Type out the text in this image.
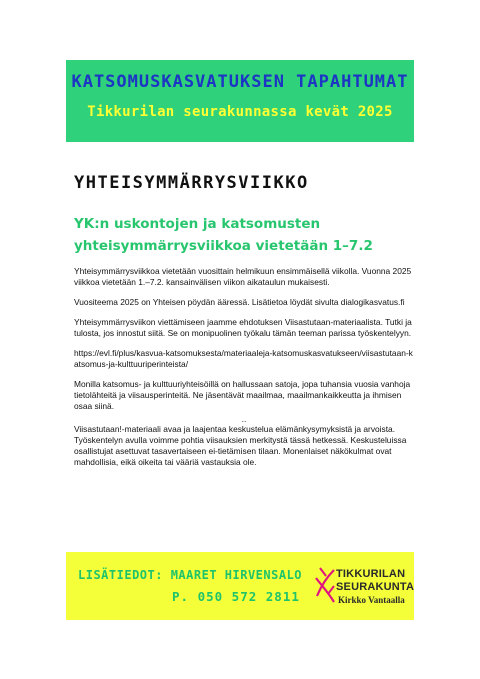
KATSOMUSKASVATUKSEN TAPAHTUMAT
Tikkurilan seurakunnassa kevät 2025
YHTEISYMMÄRRYSVIIKKO
YK:n uskontojen ja katsomusten
yhteisymmärrysviikkoa vietetään 1–7.2

Yhteisymmärrysviikkoa vietetään vuosittain helmikuun ensimmäisellä viikolla. Vuonna 2025 viikkoa vietetään 1.–7.2. kansainvälisen viikon aikataulun mukaisesti.

Vuositeema 2025 on Yhteisen pöydän ääressä. Lisätietoa löydät sivulta dialogikasvatus.fi

Yhteisymmärrysviikon viettämiseen jaamme ehdotuksen Viisastutaan-materiaalista. Tutki ja tulosta, jos innostut siitä. Se on monipuolinen työkalu tämän teeman parissa työskentelyyn.

https://evl.fi/plus/kasvua-katsomuksesta/materiaaleja-katsomuskasvatukseen/viisastutaan-katsomus-ja-kulttuuriperinteista/

Monilla katsomus- ja kulttuuriyhteisöillä on hallussaan satoja, jopa tuhansia vuosia vanhoja tietolähteitä ja viisausperinteitä. Ne jäsentävät maailmaa, maailmankaikkeutta ja ihmisen osaa siinä.

..

Viisastutaan!-materiaali avaa ja laajentaa keskustelua elämänkysymyksistä ja arvoista. Työskentelyn avulla voimme pohtia viisauksien merkitystä tässä hetkessä. Keskusteluissa osallistujat asettuvat tasavertaiseen ei-tietämisen tilaan. Monenlaiset näkökulmat ovat mahdollisia, eikä oikeita tai vääriä vastauksia ole.

LISÄTIEDOT: MAARET HIRVENSALO
P. 050 572 2811
TIKKURILAN
SEURAKUNTA
Kirkko Vantaalla
